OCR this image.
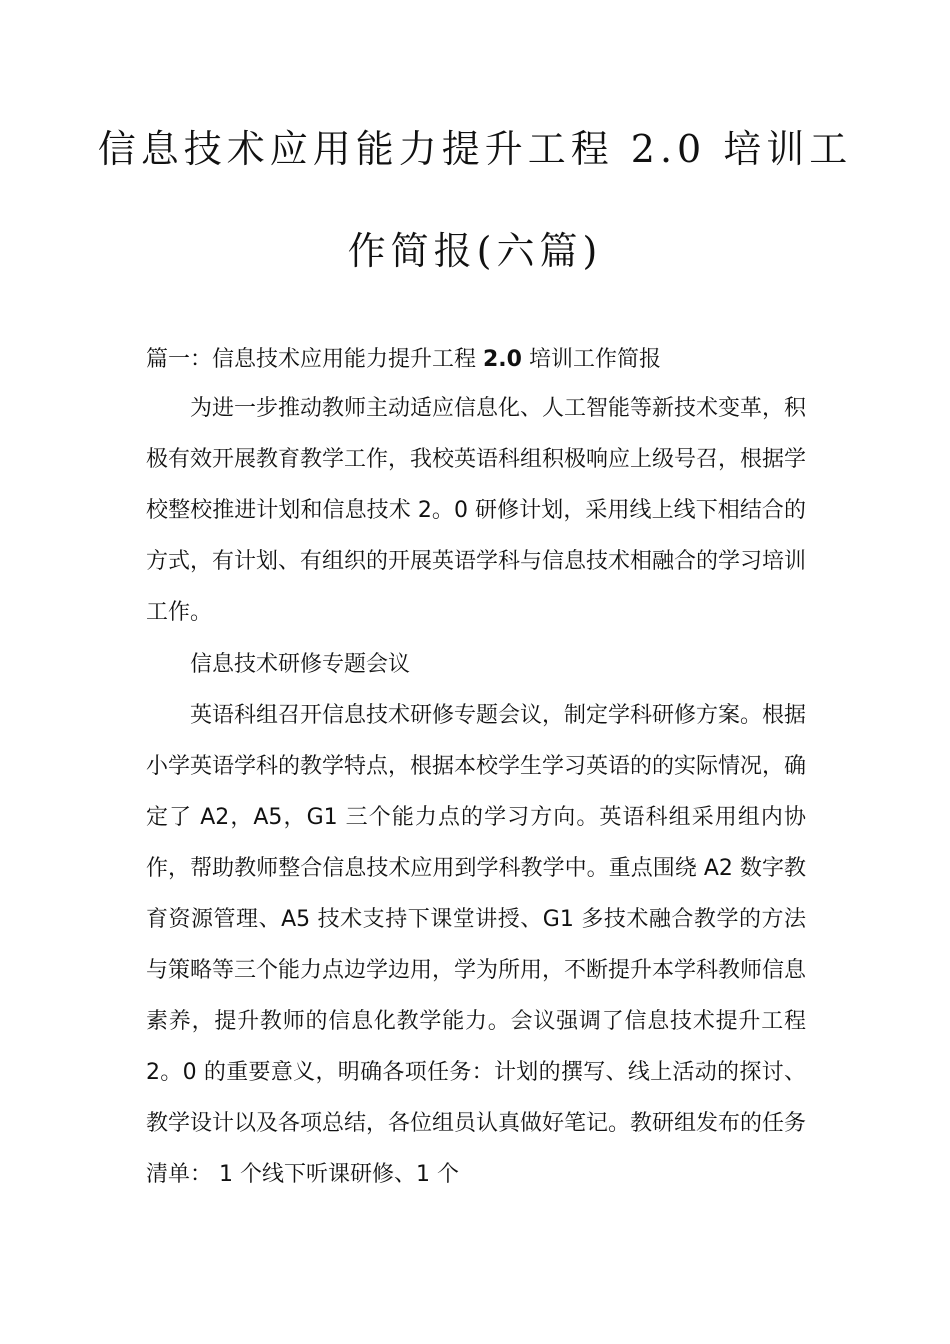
信息技术应用能力提升工程 2.0 培训工
作简报(六篇)

篇一：信息技术应用能力提升工程 2.0 培训工作简报

为进一步推动教师主动适应信息化、人工智能等新技术变革，积极有效开展教育教学工作，我校英语科组积极响应上级号召，根据学校整校推进计划和信息技术 2。0 研修计划，采用线上线下相结合的方式，有计划、有组织的开展英语学科与信息技术相融合的学习培训工作。

信息技术研修专题会议

英语科组召开信息技术研修专题会议，制定学科研修方案。根据小学英语学科的教学特点，根据本校学生学习英语的的实际情况，确定了 A2，A5，G1 三个能力点的学习方向。英语科组采用组内协作，帮助教师整合信息技术应用到学科教学中。重点围绕 A2 数字教育资源管理、A5 技术支持下课堂讲授、G1 多技术融合教学的方法与策略等三个能力点边学边用，学为所用，不断提升本学科教师信息素养，提升教师的信息化教学能力。会议强调了信息技术提升工程 2。0 的重要意义，明确各项任务：计划的撰写、线上活动的探讨、教学设计以及各项总结，各位组员认真做好笔记。教研组发布的任务清单： 1 个线下听课研修、1 个
